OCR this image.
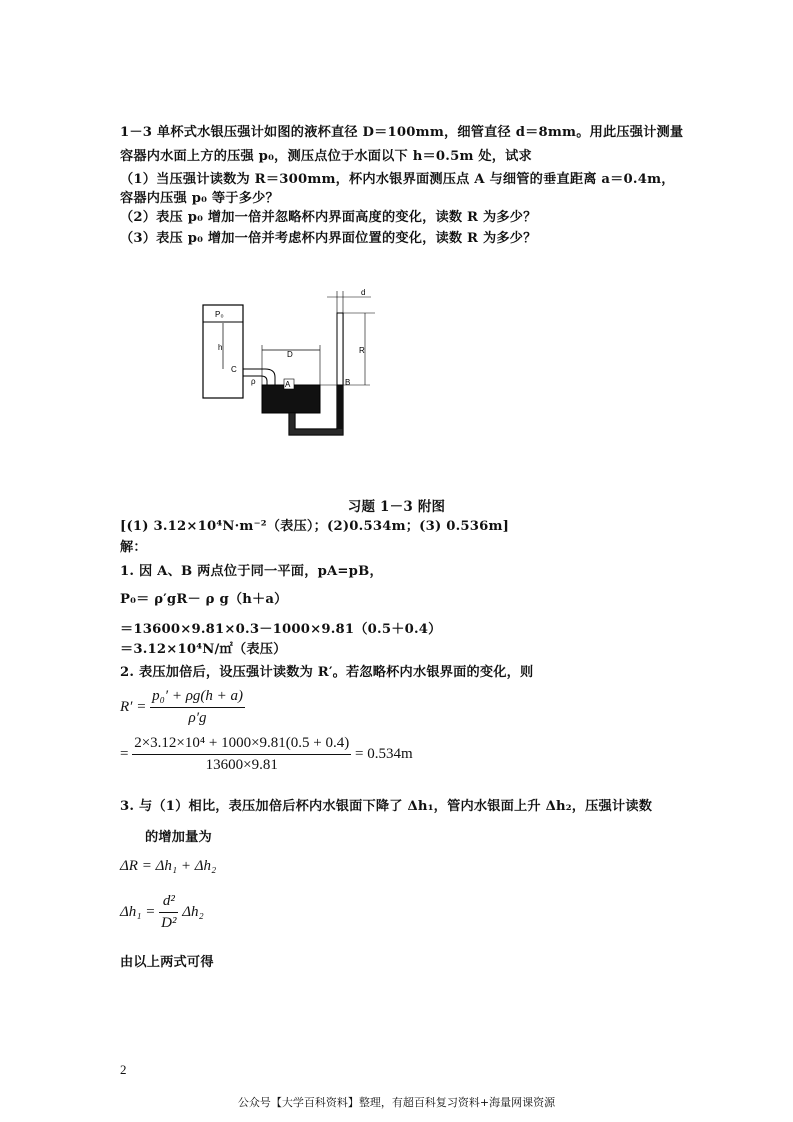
1－3 单杯式水银压强计如图的液杯直径 D＝100mm，细管直径 d＝8mm。用此压强计测量
容器内水面上方的压强 p₀，测压点位于水面以下 h＝0.5m 处，试求
（1）当压强计读数为 R＝300mm，杯内水银界面测压点 A 与细管的垂直距离 a＝0.4m，
容器内压强 p₀ 等于多少？
（2）表压 p₀ 增加一倍并忽略杯内界面高度的变化，读数 R 为多少？
（3）表压 p₀ 增加一倍并考虑杯内界面位置的变化，读数 R 为多少？
P₀
h
C
ρ
D
A	B
R
d
习题 1－3 附图
[(1) 3.12×10⁴N·m⁻²（表压）；(2)0.534m；(3) 0.536m]
解：
1. 因 A、B 两点位于同一平面，pA=pB，
P₀＝ ρ′gR－ ρ g（h＋a）
＝13600×9.81×0.3－1000×9.81（0.5＋0.4）
＝3.12×10⁴N/㎡（表压）
2. 表压加倍后，设压强计读数为 R′。若忽略杯内水银界面的变化，则
$R' = \frac{\text{p₀′ + ρg(h + a)}}{\rho'g}$
= $\frac{\text{2×3.12×10⁴ + 1000×9.81(0.5 + 0.4)}}{13600\times 9.81} = 0.534m$
3. 与（1）相比，表压加倍后杯内水银面下降了 Δh₁，管内水银面上升 Δh₂，压强计读数
的增加量为
ΔR = Δh₁ + Δh₂
$\Delta h_1 = \frac{\text{d²}}{\text{D²}} \Delta h_2$
由以上两式可得
2
公众号【大学百科资料】整理，有超百科复习资料+海量网课资源
